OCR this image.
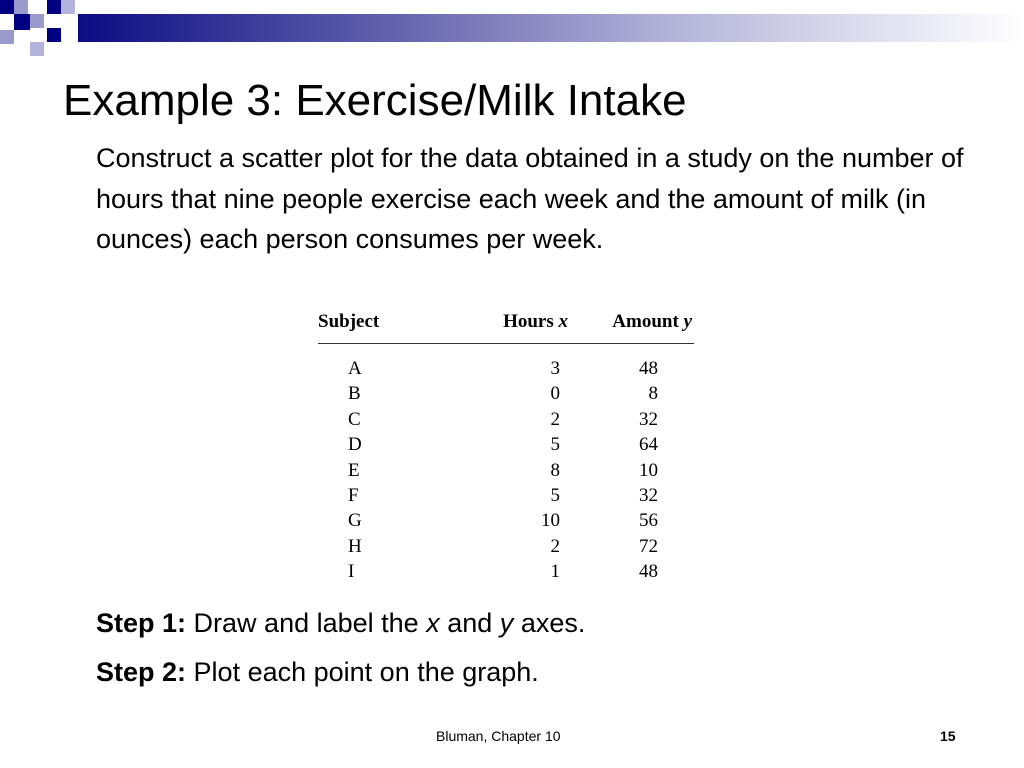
Example 3: Exercise/Milk Intake
Construct a scatter plot for the data obtained in a study on the number of hours that nine people exercise each week and the amount of milk (in ounces) each person consumes per week.
Subject	Hours x	Amount y
A	3	48
B	0	8
C	2	32
D	5	64
E	8	10
F	5	32
G	10	56
H	2	72
I	1	48
Step 1: Draw and label the x and y axes.
Step 2: Plot each point on the graph.
Bluman, Chapter 10	15
